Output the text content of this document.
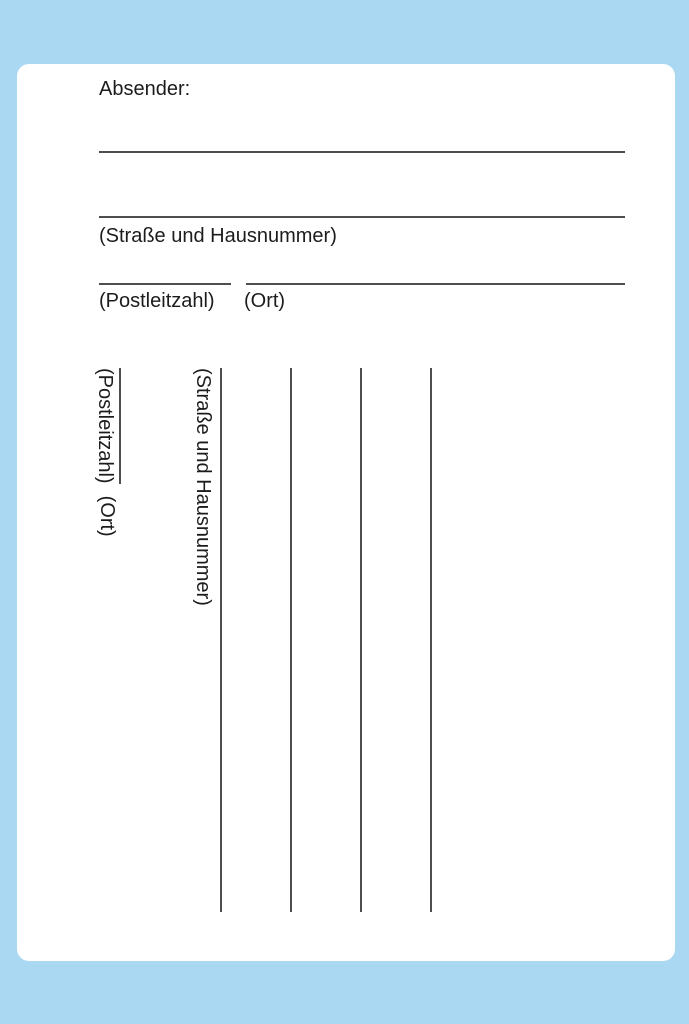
Absender:
(Straße und Hausnummer)
(Postleitzahl) (Ort)
(Postleitzahl)
(Ort)	(Straße und Hausnummer)
